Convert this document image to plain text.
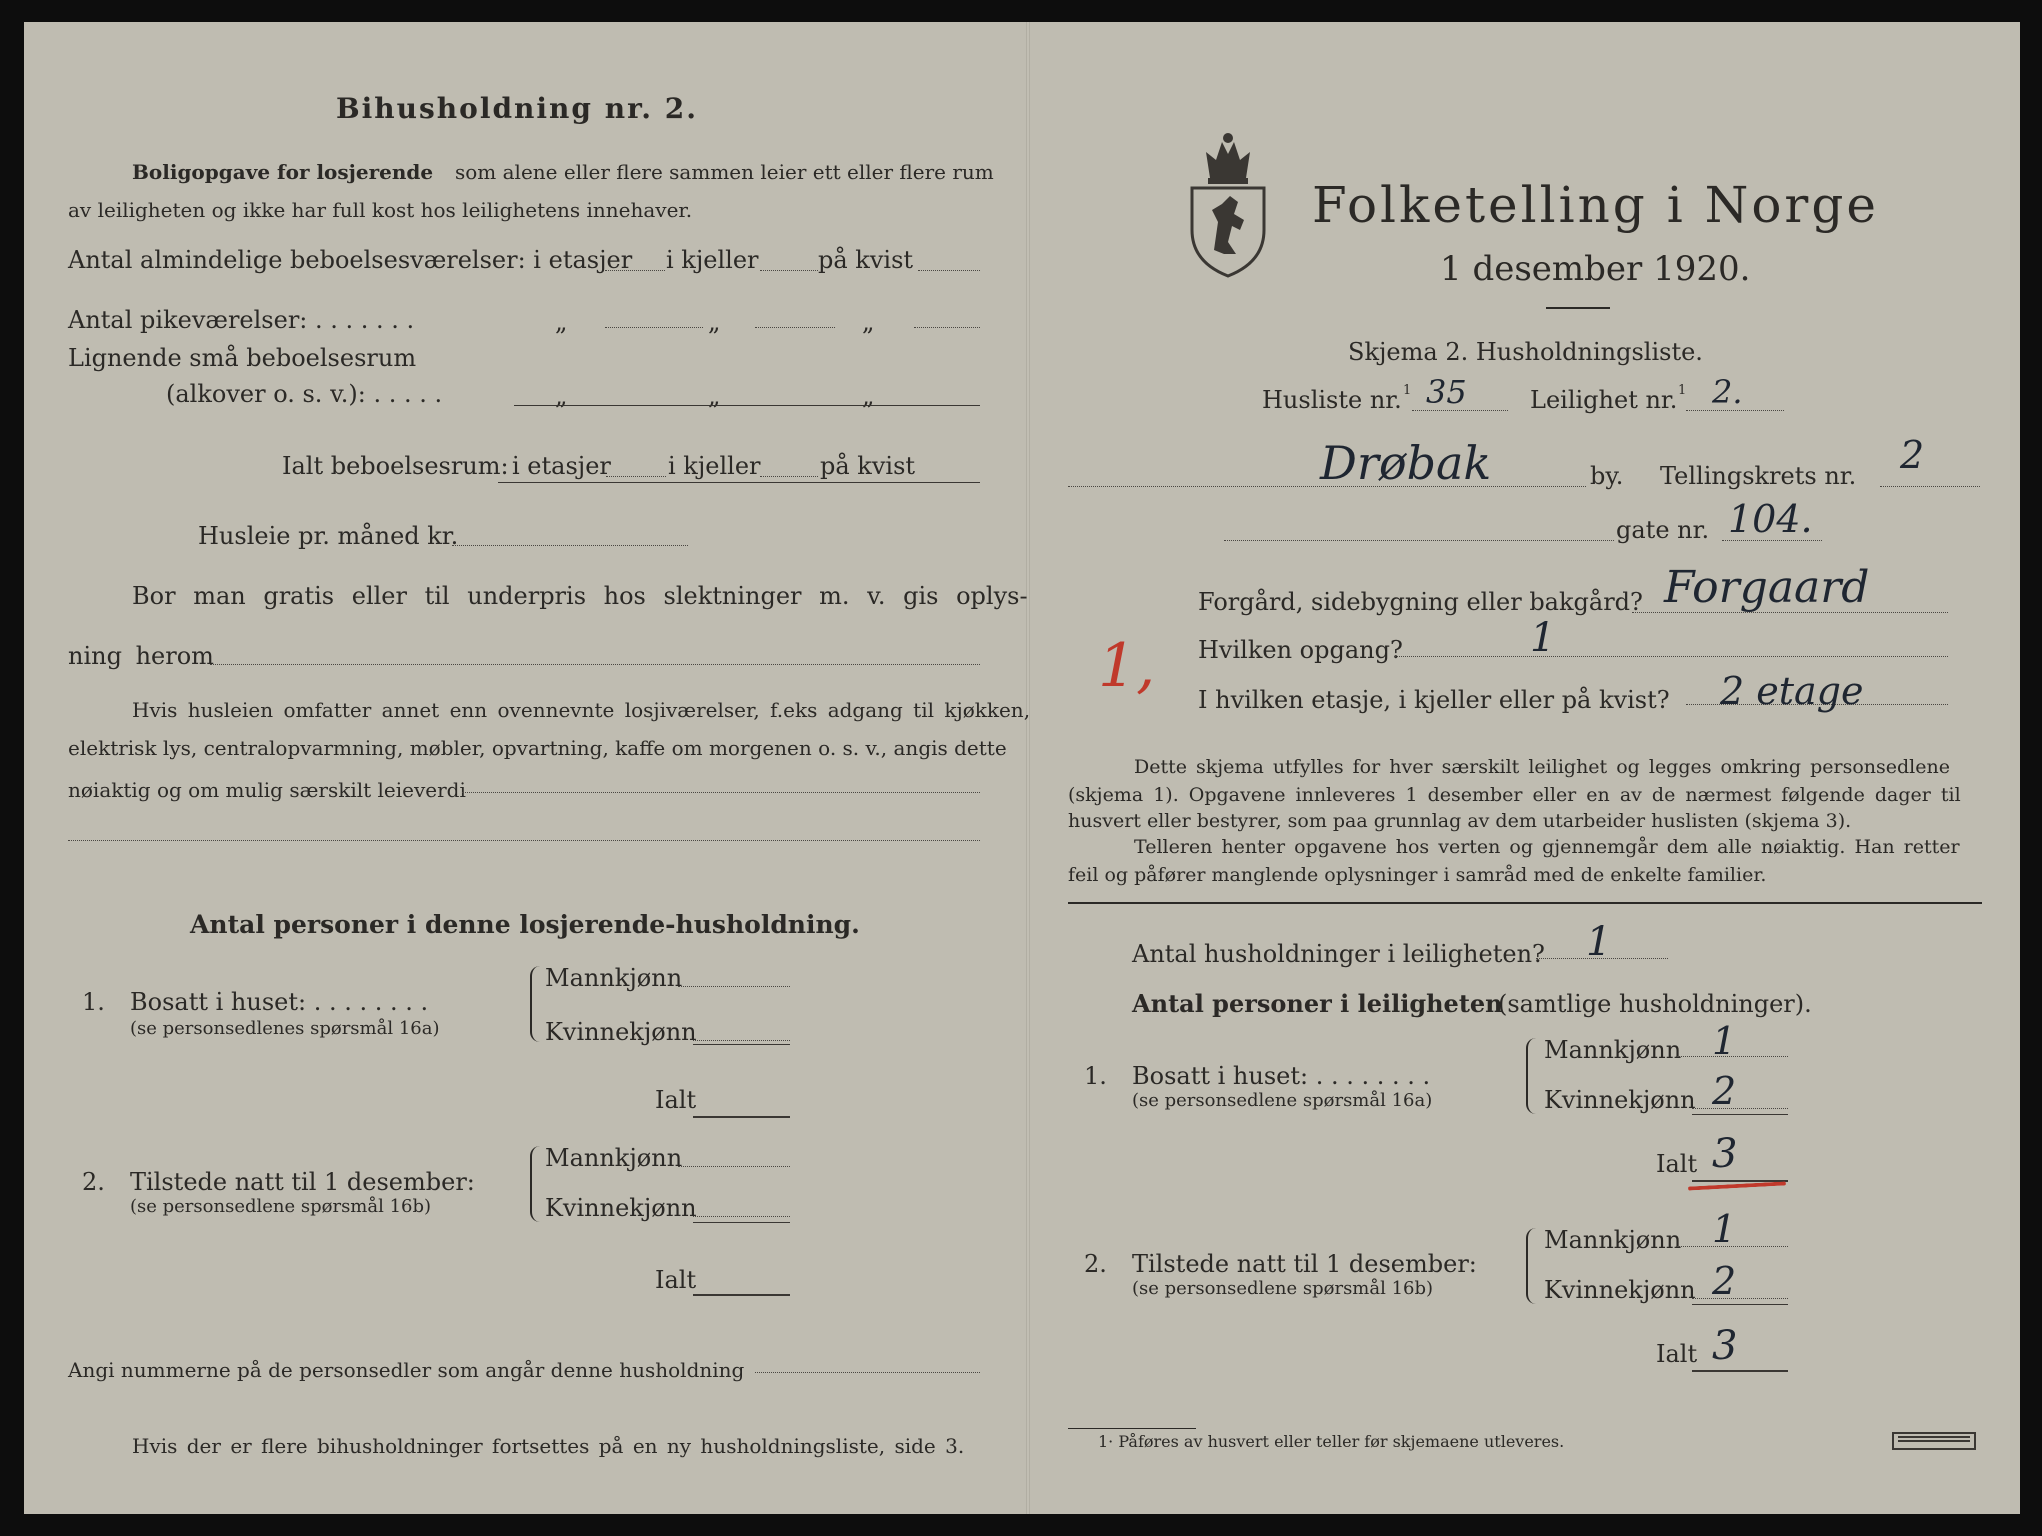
Bihusholdning nr. 2.
Boligopgave for losjerende som alene eller flere sammen leier ett eller flere rum
av leiligheten og ikke har full kost hos leilighetens innehaver.
Antal almindelige beboelsesværelser: i etasjer i kjeller på kvist
Antal pikeværelser: . . . . . . .	„	„	„
Lignende små beboelsesrum
(alkover o. s. v.): . . . . .	„	„	„
Ialt beboelsesrum: i etasjer i kjeller på kvist
Husleie pr. måned kr.
Bor man gratis eller til underpris hos slektninger m. v. gis oplys-
ning herom
Hvis husleien omfatter annet enn ovennevnte losjiværelser, f.eks adgang til kjøkken,
elektrisk lys, centralopvarmning, møbler, opvartning, kaffe om morgenen o. s. v., angis dette
nøiaktig og om mulig særskilt leieverdi
Antal personer i denne losjerende-husholdning.
1. Bosatt i huset: . . . . . . . .
(se personsedlenes spørsmål 16a)
Mannkjønn
Kvinnekjønn
Ialt
2. Tilstede natt til 1 desember:
(se personsedlene spørsmål 16b)
Mannkjønn
Kvinnekjønn
Ialt
Angi nummerne på de personsedler som angår denne husholdning
Hvis der er flere bihusholdninger fortsettes på en ny husholdningsliste, side 3.
Folketelling i Norge
1 desember 1920.
Skjema 2. Husholdningsliste.
Husliste nr. 1 35	Leilighet nr. 1 2.
Drøbak	by. Tellingskrets nr. 2
gate nr. 104.
Forgård, sidebygning eller bakgård? Forgaard
1, Hvilken opgang?	1
I hvilken etasje, i kjeller eller på kvist? 2 etage
Dette skjema utfylles for hver særskilt leilighet og legges omkring personsedlene
(skjema 1). Opgavene innleveres 1 desember eller en av de nærmest følgende dager til
husvert eller bestyrer, som paa grunnlag av dem utarbeider huslisten (skjema 3).
Telleren henter opgavene hos verten og gjennemgår dem alle nøiaktig. Han retter
feil og påfører manglende oplysninger i samråd med de enkelte familier.
Antal husholdninger i leiligheten? 1
Antal personer i leiligheten
(samtlige husholdninger).
1. Bosatt i huset: . . . . . . . .
(se personsedlene spørsmål 16a)
Mannkjønn 1
Kvinnekjønn 2
Ialt 3
2. Tilstede natt til 1 desember:
(se personsedlene spørsmål 16b)
Mannkjønn 1
Kvinnekjønn 2
Ialt 3
1· Påføres av husvert eller teller før skjemaene utleveres.
